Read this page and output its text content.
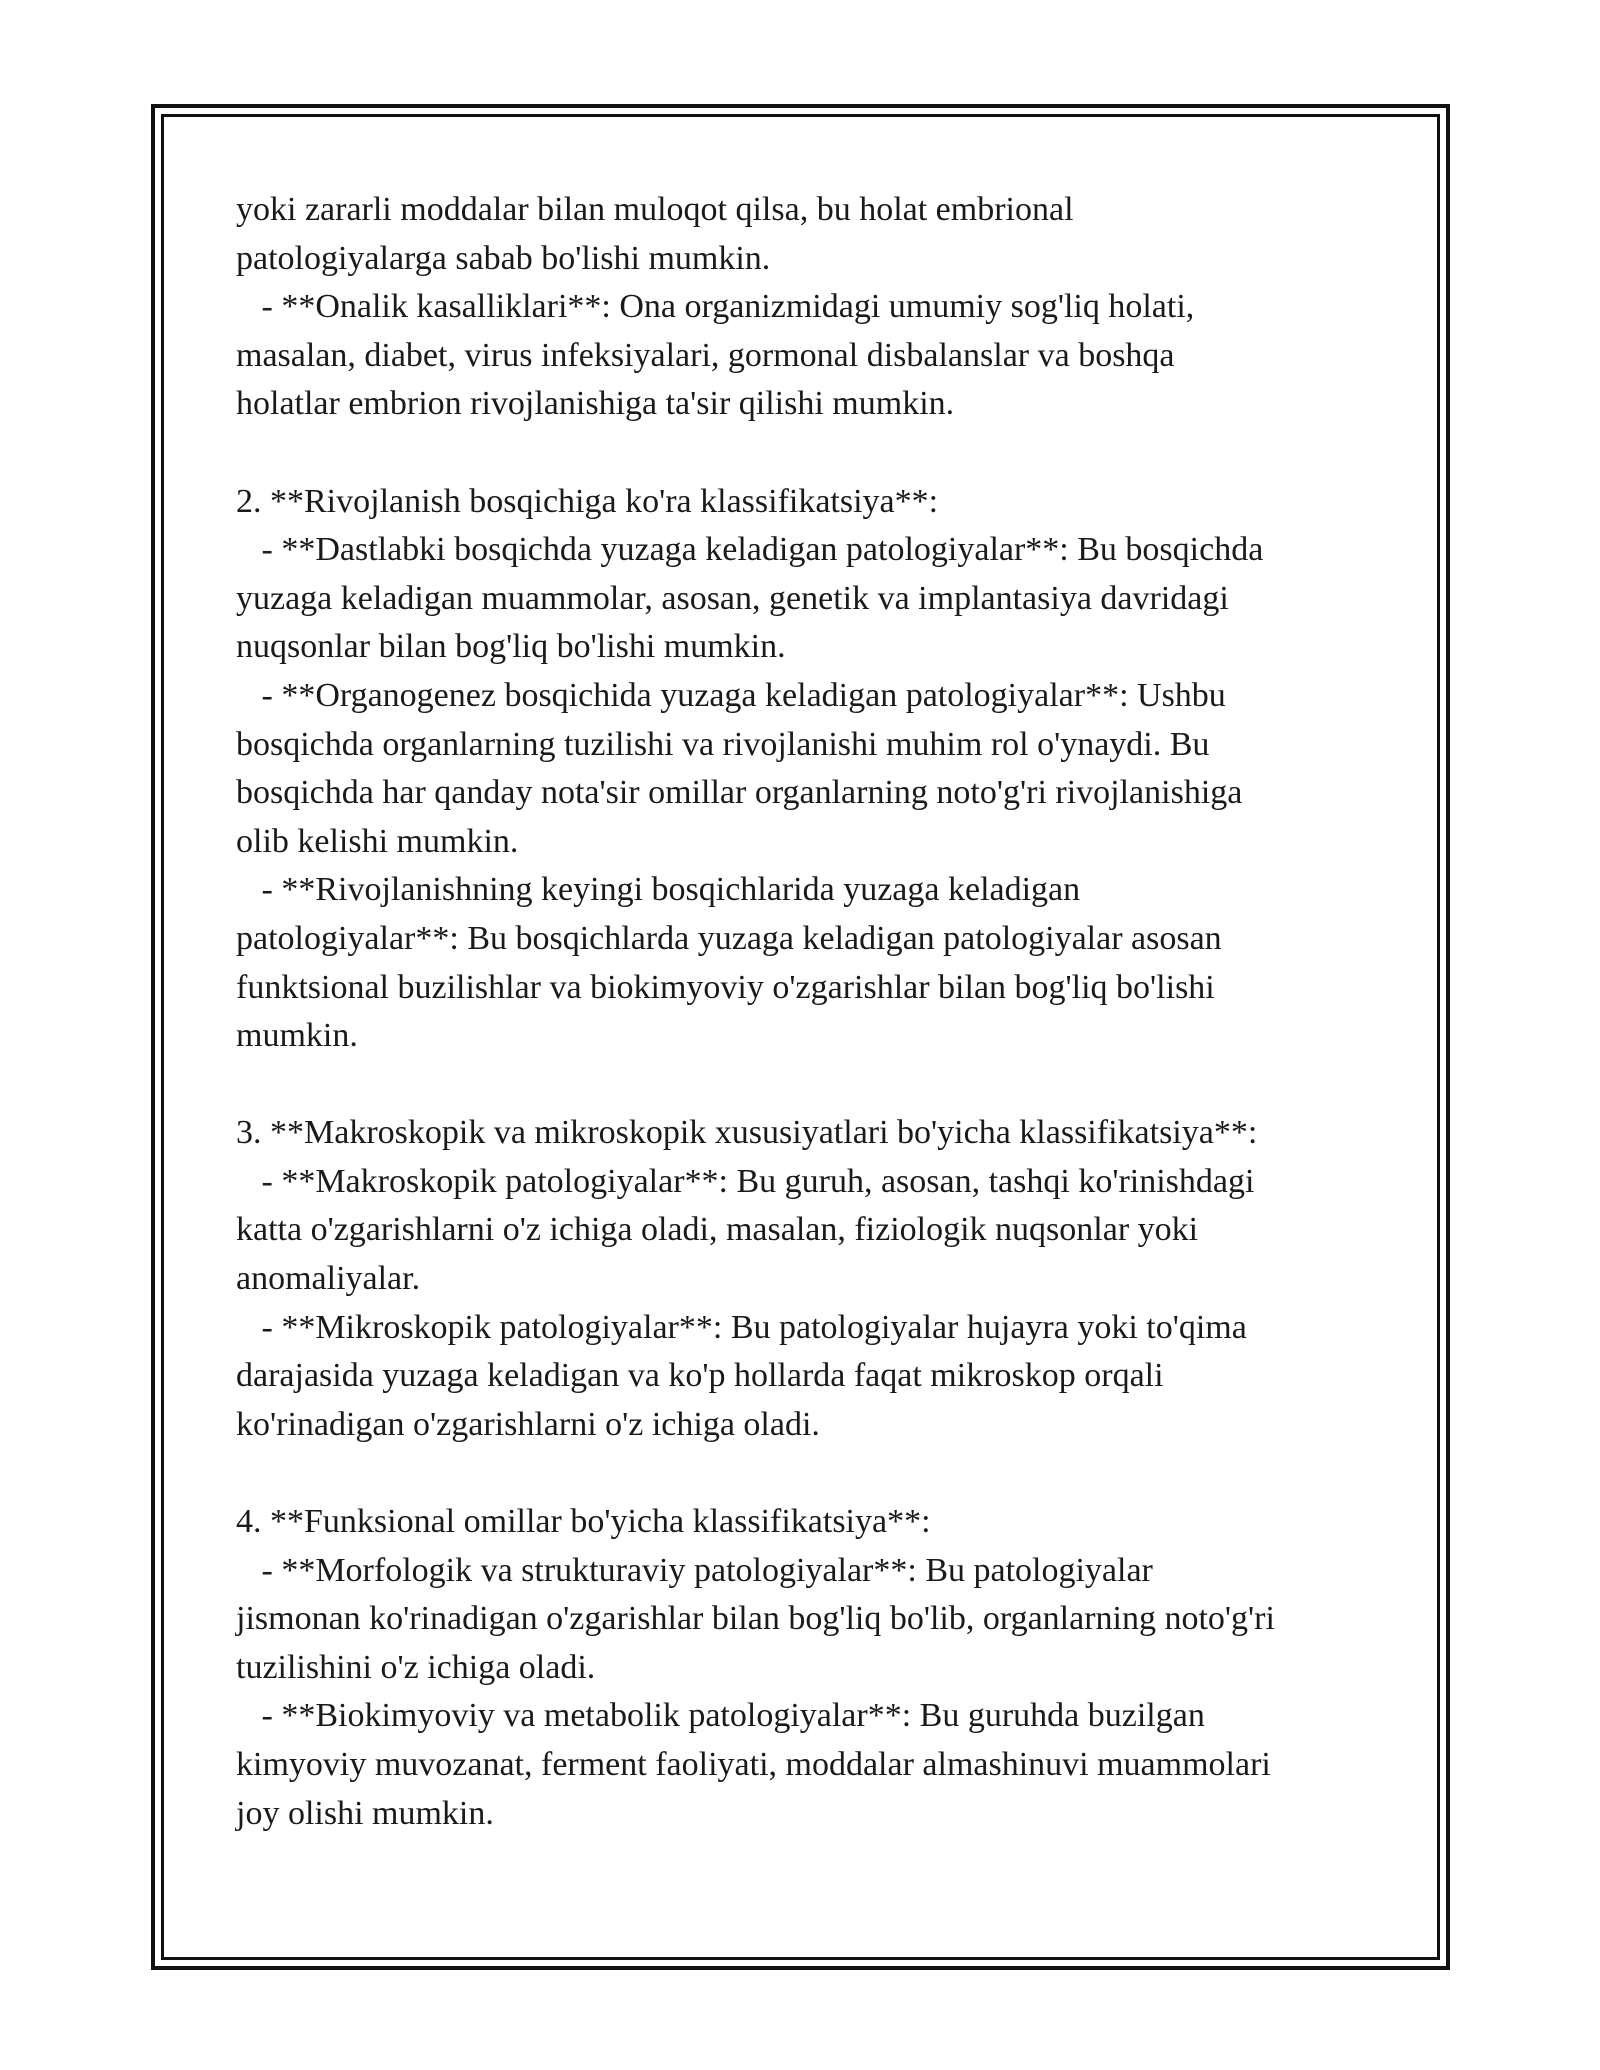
yoki zararli moddalar bilan muloqot qilsa, bu holat embrional
patologiyalarga sabab bo'lishi mumkin.
- **Onalik kasalliklari**: Ona organizmidagi umumiy sog'liq holati,
masalan, diabet, virus infeksiyalari, gormonal disbalanslar va boshqa
holatlar embrion rivojlanishiga ta'sir qilishi mumkin.
2. **Rivojlanish bosqichiga ko'ra klassifikatsiya**:
- **Dastlabki bosqichda yuzaga keladigan patologiyalar**: Bu bosqichda
yuzaga keladigan muammolar, asosan, genetik va implantasiya davridagi
nuqsonlar bilan bog'liq bo'lishi mumkin.
- **Organogenez bosqichida yuzaga keladigan patologiyalar**: Ushbu
bosqichda organlarning tuzilishi va rivojlanishi muhim rol o'ynaydi. Bu
bosqichda har qanday nota'sir omillar organlarning noto'g'ri rivojlanishiga
olib kelishi mumkin.
- **Rivojlanishning keyingi bosqichlarida yuzaga keladigan
patologiyalar**: Bu bosqichlarda yuzaga keladigan patologiyalar asosan
funktsional buzilishlar va biokimyoviy o'zgarishlar bilan bog'liq bo'lishi
mumkin.
3. **Makroskopik va mikroskopik xususiyatlari bo'yicha klassifikatsiya**:
- **Makroskopik patologiyalar**: Bu guruh, asosan, tashqi ko'rinishdagi
katta o'zgarishlarni o'z ichiga oladi, masalan, fiziologik nuqsonlar yoki
anomaliyalar.
- **Mikroskopik patologiyalar**: Bu patologiyalar hujayra yoki to'qima
darajasida yuzaga keladigan va ko'p hollarda faqat mikroskop orqali
ko'rinadigan o'zgarishlarni o'z ichiga oladi.
4. **Funksional omillar bo'yicha klassifikatsiya**:
- **Morfologik va strukturaviy patologiyalar**: Bu patologiyalar
jismonan ko'rinadigan o'zgarishlar bilan bog'liq bo'lib, organlarning noto'g'ri
tuzilishini o'z ichiga oladi.
- **Biokimyoviy va metabolik patologiyalar**: Bu guruhda buzilgan
kimyoviy muvozanat, ferment faoliyati, moddalar almashinuvi muammolari
joy olishi mumkin.
